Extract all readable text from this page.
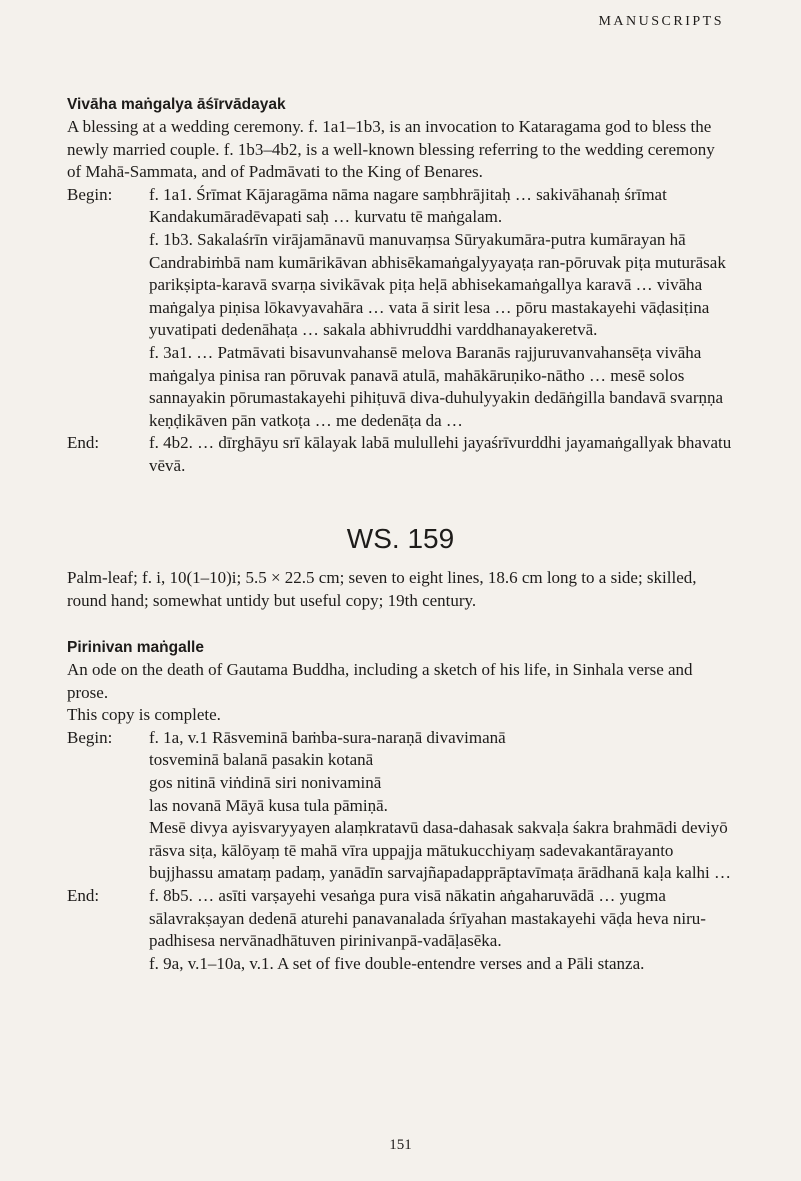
MANUSCRIPTS

Vivāha maṅgalya āśīrvādayak

A blessing at a wedding ceremony. f. 1a1–1b3, is an invocation to Kataragama god to bless the newly married couple. f. 1b3–4b2, is a well-known blessing referring to the wedding ceremony of Mahā-Sammata, and of Padmāvati to the King of Benares.

Begin:	f. 1a1. Śrīmat Kājaragāma nāma nagare saṃbhrājitaḥ … sakivāhanaḥ śrīmat Kandakumāradēvapati saḥ … kurvatu tē maṅgalam.

f. 1b3. Sakalaśrīn virājamānavū manuvaṃsa Sūryakumāra-putra kumārayan hā Candrabiṁbā nam kumārikāvan abhisēkamaṅgalyyayaṭa ran-pōruvak piṭa muturāsak parikṣipta-karavā svarṇa sivikāvak piṭa heḷā abhisekamaṅgallya karavā … vivāha maṅgalya piṇisa lōkavyavahāra … vata ā sirit lesa … pōru mastakayehi vāḍasiṭina yuvatipati dedenāhaṭa … sakala abhivruddhi varddhanayakeretvā.

f. 3a1. … Patmāvati bisavunvahansē melova Baranās rajjuruvanvahansēṭa vivāha maṅgalya pinisa ran pōruvak panavā atulā, mahākāruṇiko-nātho … mesē solos sannayakin pōrumastakayehi pihiṭuvā diva-duhulyyakin dedāṅgilla bandavā svarṇṇa keṇḍikāven pān vatkoṭa … me dedenāṭa da …

End:	f. 4b2. … dīrghāyu srī kālayak labā mulullehi jayaśrīvurddhi jayamaṅgallyak bhavatu vēvā.

WS. 159

Palm-leaf; f. i, 10(1–10)i; 5.5 × 22.5 cm; seven to eight lines, 18.6 cm long to a side; skilled, round hand; somewhat untidy but useful copy; 19th century.

Pirinivan maṅgalle

An ode on the death of Gautama Buddha, including a sketch of his life, in Sinhala verse and prose.

This copy is complete.

Begin:	f. 1a, v.1 Rāsveminā baṁba-sura-naraṇā divavimanā

tosveminā balanā pasakin kotanā

gos nitinā viṅdinā siri nonivaminā

las novanā Māyā kusa tula pāmiṇā.

Mesē divya ayisvaryyayen alaṃkratavū dasa-dahasak sakvaḷa śakra brahmādi deviyō rāsva siṭa, kālōyaṃ tē mahā vīra uppajja mātukucchiyaṃ sadevakantārayanto bujjhassu amataṃ padaṃ, yanādīn sarvajñapadapprāptavīmaṭa ārādhanā kaḷa kalhi …

End:	f. 8b5. … asīti varṣayehi vesaṅga pura visā nākatin aṅgaharuvādā … yugma sālavrakṣayan dedenā aturehi panavanalada śrīyahan mastakayehi vāḍa heva nirupadhisesa nervānadhātuven pirinivanpā-vadāḷasēka.

f. 9a, v.1–10a, v.1. A set of five double-entendre verses and a Pāli stanza.

151
